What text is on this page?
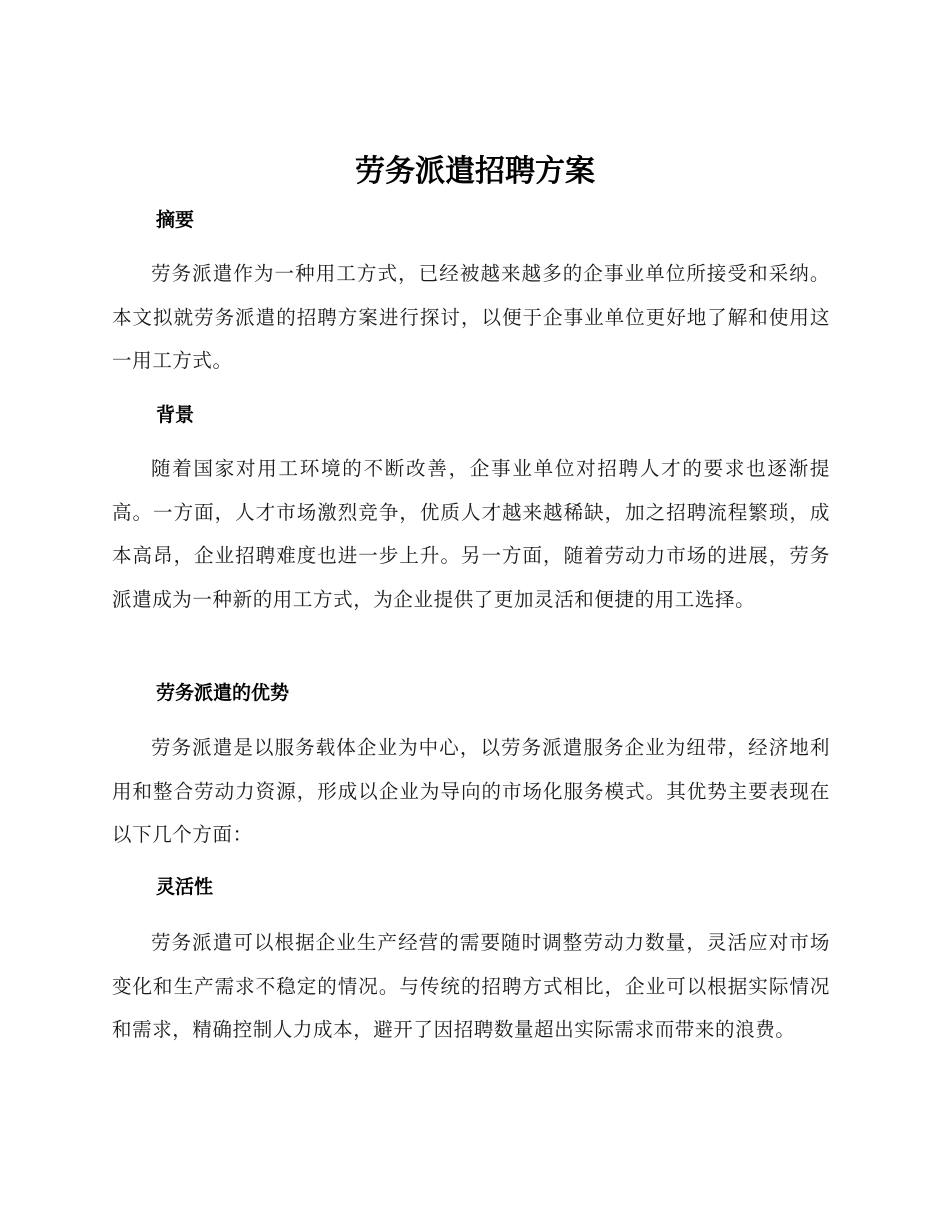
劳务派遣招聘方案
摘要

劳务派遣作为一种用工方式，已经被越来越多的企事业单位所接受和采纳。本文拟就劳务派遣的招聘方案进行探讨，以便于企事业单位更好地了解和使用这一用工方式。

背景

随着国家对用工环境的不断改善，企事业单位对招聘人才的要求也逐渐提高。一方面，人才市场激烈竞争，优质人才越来越稀缺，加之招聘流程繁琐，成本高昂，企业招聘难度也进一步上升。另一方面，随着劳动力市场的进展，劳务派遣成为一种新的用工方式，为企业提供了更加灵活和便捷的用工选择。

劳务派遣的优势

劳务派遣是以服务载体企业为中心，以劳务派遣服务企业为纽带，经济地利用和整合劳动力资源，形成以企业为导向的市场化服务模式。其优势主要表现在以下几个方面：

灵活性

劳务派遣可以根据企业生产经营的需要随时调整劳动力数量，灵活应对市场变化和生产需求不稳定的情况。与传统的招聘方式相比，企业可以根据实际情况和需求，精确控制人力成本，避开了因招聘数量超出实际需求而带来的浪费。
